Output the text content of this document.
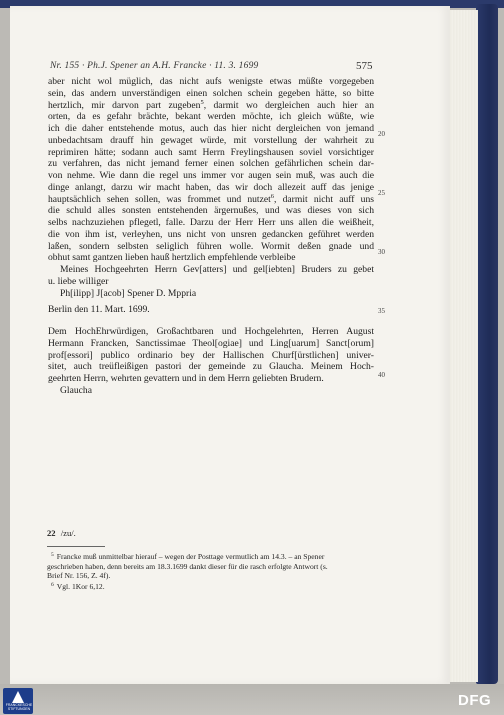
Nr. 155 · Ph.J. Spener an A.H. Francke · 11. 3. 1699	575
aber nicht wol müglich, das nicht aufs wenigste etwas müßte vorgegeben
sein, das andern unverständigen einen solchen schein gegeben hätte, so bitte
hertzlich, mir darvon part zugeben$^5$, darmit wo dergleichen auch hier an
orten, da es gefahr brächte, bekant werden möchte, ich gleich wüßte, wie
ich die daher entstehende motus, auch das hier nicht dergleichen von jemand
unbedachtsam drauff hin gewaget würde, mit vorstellung der wahrheit zu
reprimiren hätte; sodann auch samt Herrn Freylingshausen soviel vorsichtiger
zu verfahren, das nicht jemand ferner einen solchen gefährlichen schein dar-
von nehme. Wie dann die regel uns immer vor augen sein muß, was auch die
dinge anlangt, darzu wir macht haben, das wir doch allezeit auff das jenige
hauptsächlich sehen sollen, was frommet und nutzet$^6$, darmit nicht auff uns
die schuld alles sonsten entstehenden ärgernußes, und was dieses von sich
selbs nachzuziehen pflegetl, falle. Darzu der Herr Herr uns allen die weißheit,
die von ihm ist, verleyhen, uns nicht von unsren gedancken geführet werden
laßen, sondern selbsten seliglich führen wolle. Wormit deßen gnade und
obhut samt gantzen lieben hauß hertzlich empfehlende verbleibe
Meines Hochgeehrten Herrn Gev[atters] und gel[iebten] Bruders zu gebet
u. liebe williger
Ph[ilipp] J[acob] Spener D. Mppria
Berlin den 11. Mart. 1699.
Dem HochEhrwürdigen, Großachtbaren und Hochgelehrten, Herren August
Hermann Francken, Sanctissimae Theol[ogiae] und Ling[uarum] Sanct[orum]
prof[essori] publico ordinario bey der Hallischen Churf[ürstlichen] univer-
sitet, auch treüfleißigen pastori der gemeinde zu Glaucha. Meinem Hoch-
geehrten Herrn, wehrten gevattern und in dem Herrn geliebten Brudern.
Glaucha
20
25
30
35
40
22 /zu/.
$^5$ Francke muß unmittelbar hierauf – wegen der Posttage vermutlich am 14.3. – an Spener
geschrieben haben, denn bereits am 18.3.1699 dankt dieser für die rasch erfolgte Antwort (s.
Brief Nr. 156, Z. 4f).
$^6$ Vgl. 1Kor 6,12.
FRANCKESCHE STIFTUNGEN	DFG
